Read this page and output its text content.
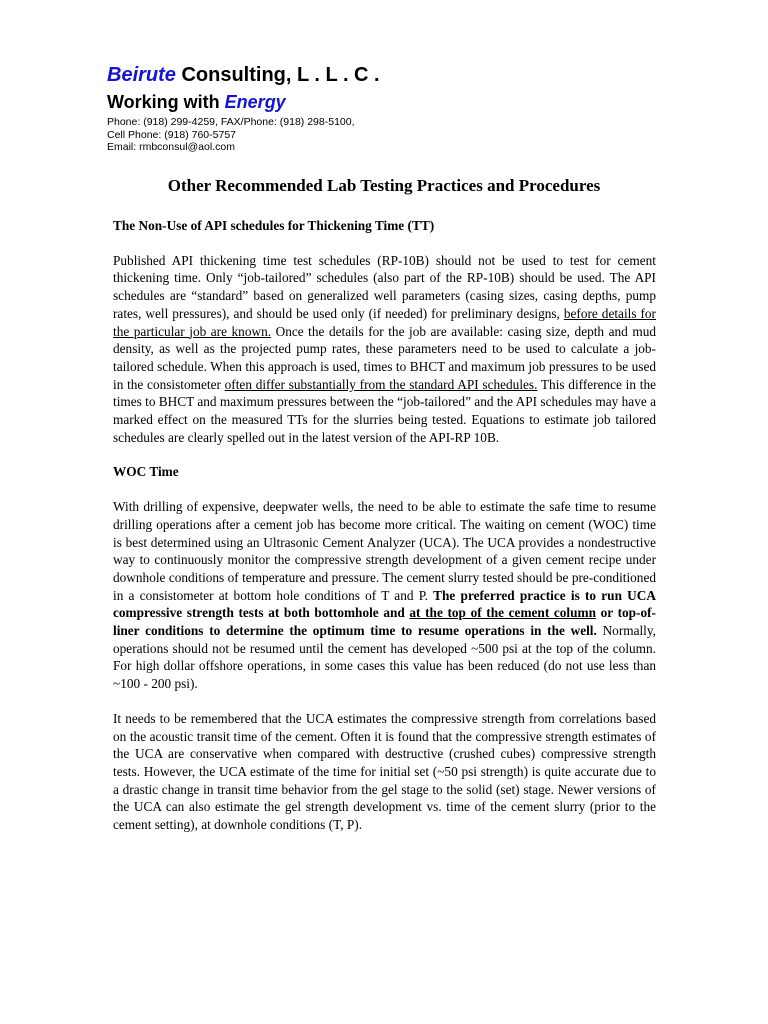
Beirute Consulting, L . L . C .
Working with Energy
Phone: (918) 299-4259, FAX/Phone: (918) 298-5100,
Cell Phone: (918) 760-5757
Email: rmbconsul@aol.com
Other Recommended Lab Testing Practices and Procedures

The Non-Use of API schedules for Thickening Time (TT)

Published API thickening time test schedules (RP-10B) should not be used to test for cement thickening time. Only “job-tailored” schedules (also part of the RP-10B) should be used. The API schedules are “standard” based on generalized well parameters (casing sizes, casing depths, pump rates, well pressures), and should be used only (if needed) for preliminary designs, before details for the particular job are known. Once the details for the job are available: casing size, depth and mud density, as well as the projected pump rates, these parameters need to be used to calculate a job-tailored schedule. When this approach is used, times to BHCT and maximum job pressures to be used in the consistometer often differ substantially from the standard API schedules. This difference in the times to BHCT and maximum pressures between the “job-tailored” and the API schedules may have a marked effect on the measured TTs for the slurries being tested. Equations to estimate job tailored schedules are clearly spelled out in the latest version of the API-RP 10B.

WOC Time

With drilling of expensive, deepwater wells, the need to be able to estimate the safe time to resume drilling operations after a cement job has become more critical. The waiting on cement (WOC) time is best determined using an Ultrasonic Cement Analyzer (UCA). The UCA provides a nondestructive way to continuously monitor the compressive strength development of a given cement recipe under downhole conditions of temperature and pressure. The cement slurry tested should be pre-conditioned in a consistometer at bottom hole conditions of T and P. The preferred practice is to run UCA compressive strength tests at both bottomhole and at the top of the cement column or top-of-liner conditions to determine the optimum time to resume operations in the well. Normally, operations should not be resumed until the cement has developed ~500 psi at the top of the column. For high dollar offshore operations, in some cases this value has been reduced (do not use less than ~100 - 200 psi).

It needs to be remembered that the UCA estimates the compressive strength from correlations based on the acoustic transit time of the cement. Often it is found that the compressive strength estimates of the UCA are conservative when compared with destructive (crushed cubes) compressive strength tests. However, the UCA estimate of the time for initial set (~50 psi strength) is quite accurate due to a drastic change in transit time behavior from the gel stage to the solid (set) stage. Newer versions of the UCA can also estimate the gel strength development vs. time of the cement slurry (prior to the cement setting), at downhole conditions (T, P).
